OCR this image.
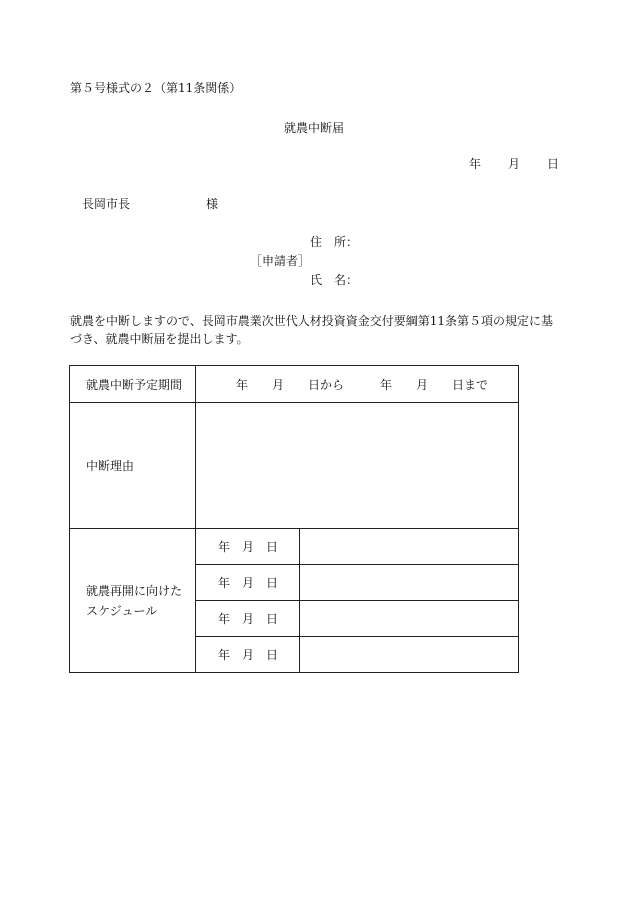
第５号様式の２（第11条関係）
就農中断届
年 月 日
長岡市長	様
住　所：
［申請者］
氏　名：
就農を中断しますので、長岡市農業次世代人材投資資金交付要綱第11条第５項の規定に基づき、就農中断届を提出します。
就農中断予定期間	年　　月　　日から　　　年　　月　　日まで	
中断理由		

就農再開に向けた
スケジュール	年　月　日	
	年　月　日	
	年　月　日	
	年　月　日	
